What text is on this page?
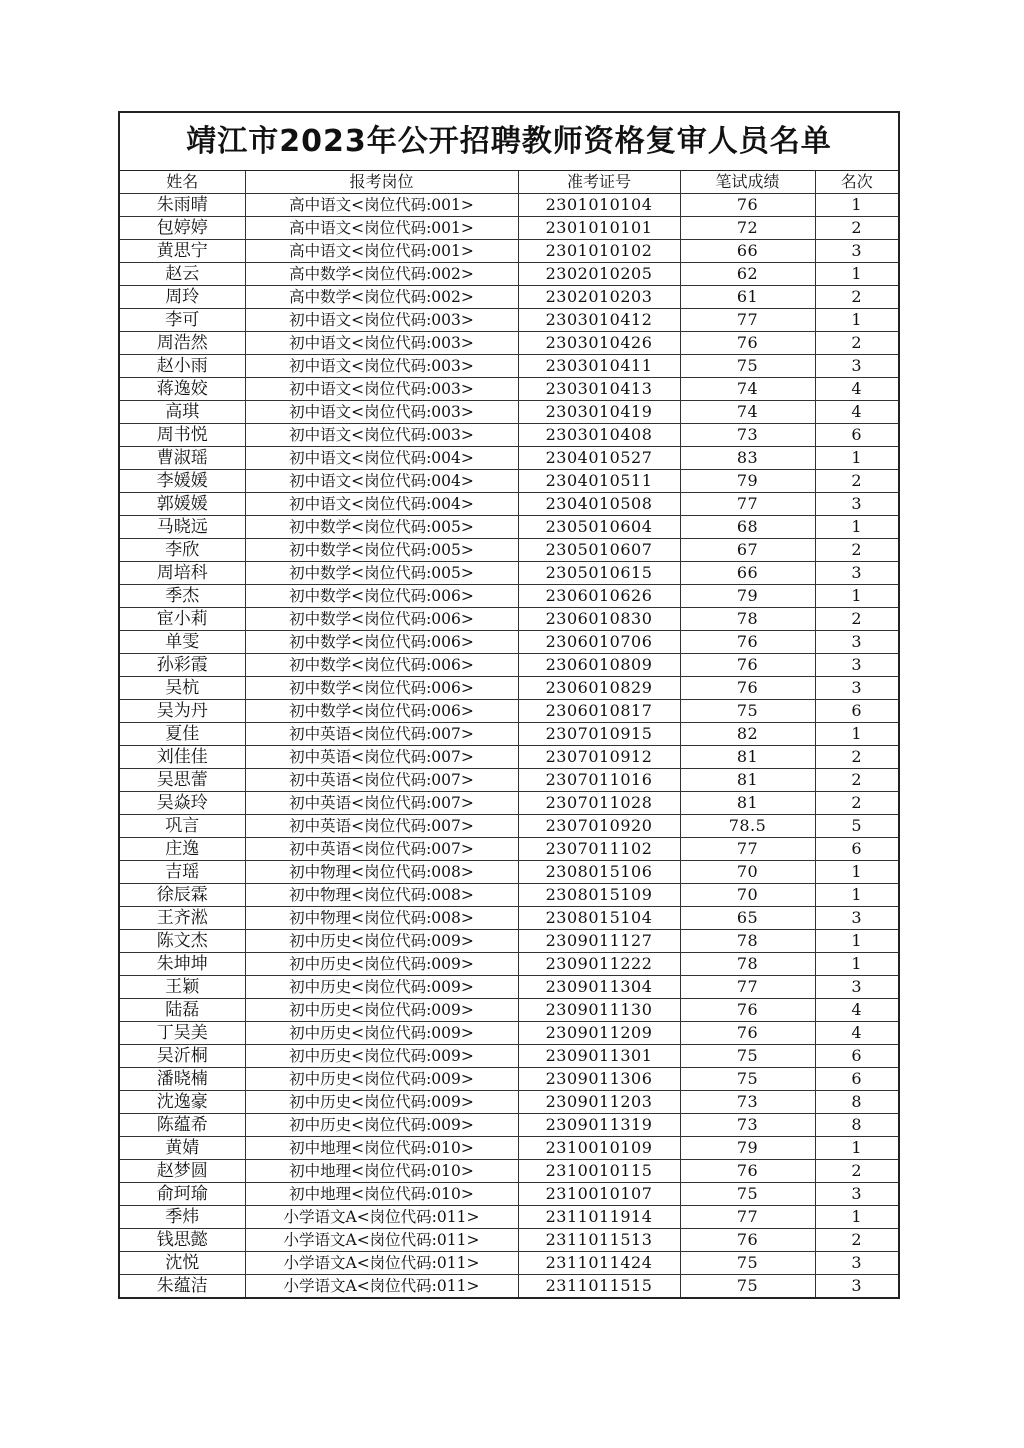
靖江市2023年公开招聘教师资格复审人员名单
姓名	报考岗位	准考证号	笔试成绩	名次
朱雨晴	高中语文<岗位代码:001>	2301010104	76	1
包婷婷	高中语文<岗位代码:001>	2301010101	72	2
黄思宁	高中语文<岗位代码:001>	2301010102	66	3
赵云	高中数学<岗位代码:002>	2302010205	62	1
周玲	高中数学<岗位代码:002>	2302010203	61	2
李可	初中语文<岗位代码:003>	2303010412	77	1
周浩然	初中语文<岗位代码:003>	2303010426	76	2
赵小雨	初中语文<岗位代码:003>	2303010411	75	3
蒋逸姣	初中语文<岗位代码:003>	2303010413	74	4
高琪	初中语文<岗位代码:003>	2303010419	74	4
周书悦	初中语文<岗位代码:003>	2303010408	73	6
曹淑瑶	初中语文<岗位代码:004>	2304010527	83	1
李媛媛	初中语文<岗位代码:004>	2304010511	79	2
郭媛媛	初中语文<岗位代码:004>	2304010508	77	3
马晓远	初中数学<岗位代码:005>	2305010604	68	1
李欣	初中数学<岗位代码:005>	2305010607	67	2
周培科	初中数学<岗位代码:005>	2305010615	66	3
季杰	初中数学<岗位代码:006>	2306010626	79	1
宦小莉	初中数学<岗位代码:006>	2306010830	78	2
单雯	初中数学<岗位代码:006>	2306010706	76	3
孙彩霞	初中数学<岗位代码:006>	2306010809	76	3
吴杭	初中数学<岗位代码:006>	2306010829	76	3
吴为丹	初中数学<岗位代码:006>	2306010817	75	6
夏佳	初中英语<岗位代码:007>	2307010915	82	1
刘佳佳	初中英语<岗位代码:007>	2307010912	81	2
吴思蕾	初中英语<岗位代码:007>	2307011016	81	2
吴焱玲	初中英语<岗位代码:007>	2307011028	81	2
巩言	初中英语<岗位代码:007>	2307010920	78.5	5
庄逸	初中英语<岗位代码:007>	2307011102	77	6
吉瑶	初中物理<岗位代码:008>	2308015106	70	1
徐辰霖	初中物理<岗位代码:008>	2308015109	70	1
王齐淞	初中物理<岗位代码:008>	2308015104	65	3
陈文杰	初中历史<岗位代码:009>	2309011127	78	1
朱坤坤	初中历史<岗位代码:009>	2309011222	78	1
王颖	初中历史<岗位代码:009>	2309011304	77	3
陆磊	初中历史<岗位代码:009>	2309011130	76	4
丁吴美	初中历史<岗位代码:009>	2309011209	76	4
吴沂桐	初中历史<岗位代码:009>	2309011301	75	6
潘晓楠	初中历史<岗位代码:009>	2309011306	75	6
沈逸豪	初中历史<岗位代码:009>	2309011203	73	8
陈蕴希	初中历史<岗位代码:009>	2309011319	73	8
黄婧	初中地理<岗位代码:010>	2310010109	79	1
赵梦圆	初中地理<岗位代码:010>	2310010115	76	2
俞珂瑜	初中地理<岗位代码:010>	2310010107	75	3
季炜	小学语文A<岗位代码:011>	2311011914	77	1
钱思懿	小学语文A<岗位代码:011>	2311011513	76	2
沈悦	小学语文A<岗位代码:011>	2311011424	75	3
朱蕴洁	小学语文A<岗位代码:011>	2311011515	75	3
